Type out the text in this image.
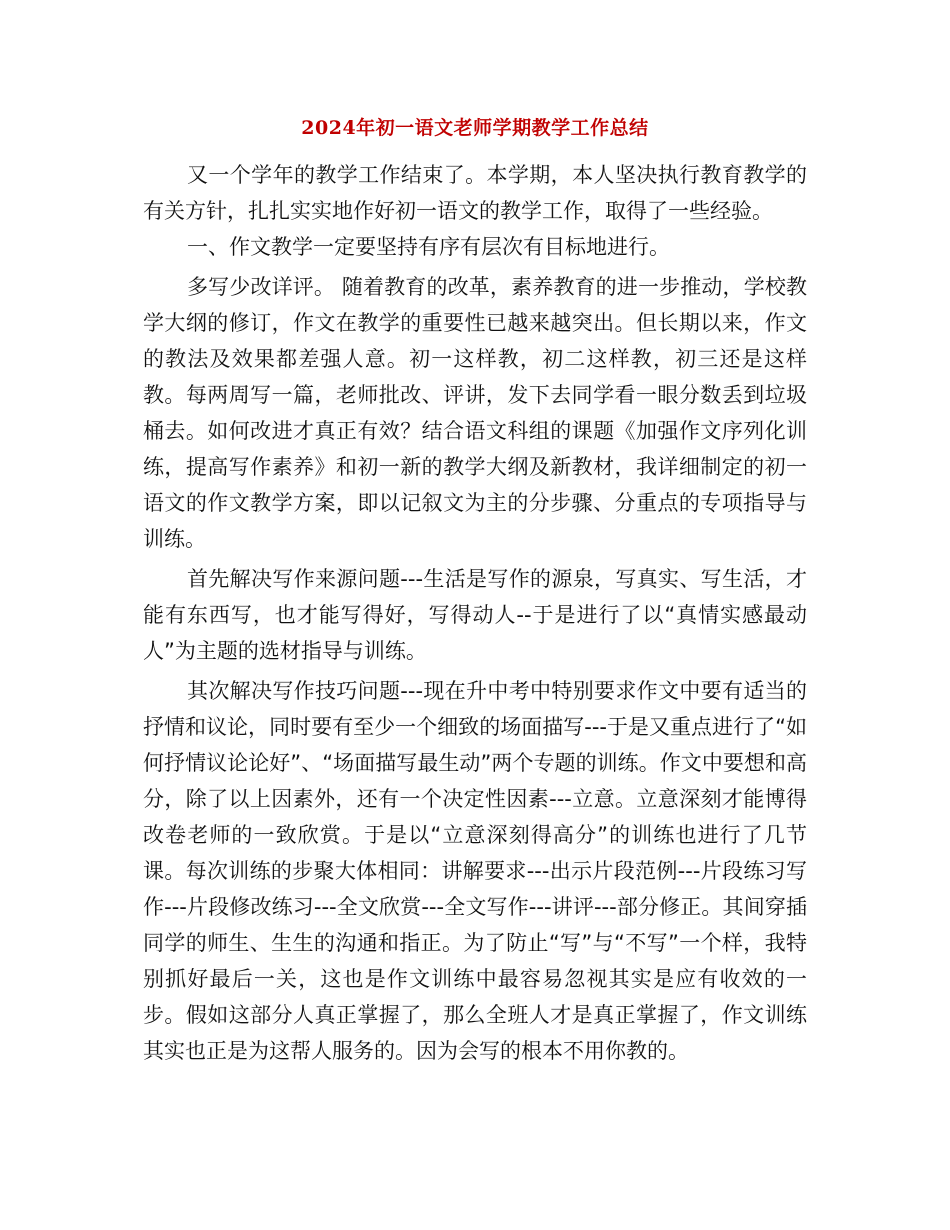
2024年初一语文老师学期教学工作总结

又一个学年的教学工作结束了。本学期，本人坚决执行教育教学的有关方针，扎扎实实地作好初一语文的教学工作，取得了一些经验。

一、作文教学一定要坚持有序有层次有目标地进行。

多写少改详评。 随着教育的改革，素养教育的进一步推动，学校教学大纲的修订，作文在教学的重要性已越来越突出。但长期以来，作文的教法及效果都差强人意。初一这样教，初二这样教，初三还是这样教。每两周写一篇，老师批改、评讲，发下去同学看一眼分数丢到垃圾桶去。如何改进才真正有效？结合语文科组的课题《加强作文序列化训练，提高写作素养》和初一新的教学大纲及新教材，我详细制定的初一语文的作文教学方案，即以记叙文为主的分步骤、分重点的专项指导与训练。

首先解决写作来源问题---生活是写作的源泉，写真实、写生活，才能有东西写，也才能写得好，写得动人--于是进行了以“真情实感最动人”为主题的选材指导与训练。

其次解决写作技巧问题---现在升中考中特别要求作文中要有适当的抒情和议论，同时要有至少一个细致的场面描写---于是又重点进行了“如何抒情议论论好”、“场面描写最生动”两个专题的训练。作文中要想和高分，除了以上因素外，还有一个决定性因素---立意。立意深刻才能博得改卷老师的一致欣赏。于是以“立意深刻得高分”的训练也进行了几节课。每次训练的步聚大体相同：讲解要求---出示片段范例---片段练习写作---片段修改练习---全文欣赏---全文写作---讲评---部分修正。其间穿插同学的师生、生生的沟通和指正。为了防止“写”与“不写”一个样，我特别抓好最后一关，这也是作文训练中最容易忽视其实是应有收效的一步。假如这部分人真正掌握了，那么全班人才是真正掌握了，作文训练其实也正是为这帮人服务的。因为会写的根本不用你教的。
